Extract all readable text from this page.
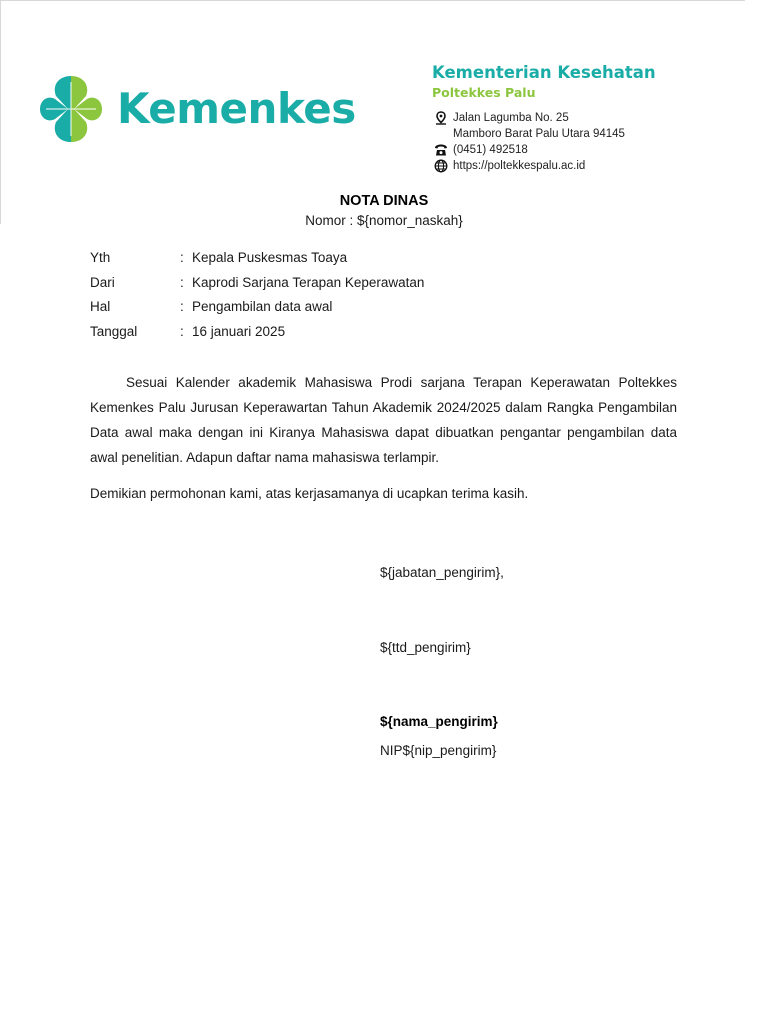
Kemenkes
Kementerian Kesehatan
Poltekkes Palu
Jalan Lagumba No. 25
Mamboro Barat Palu Utara 94145
(0451) 492518
https://poltekkespalu.ac.id
NOTA DINAS
Nomor : ${nomor_naskah}
Yth	: Kepala Puskesmas Toaya
Dari	: Kaprodi Sarjana Terapan Keperawatan
Hal	: Pengambilan data awal
Tanggal	: 16 januari 2025
Sesuai Kalender akademik Mahasiswa Prodi sarjana Terapan Keperawatan Poltekkes Kemenkes Palu Jurusan Keperawartan Tahun Akademik 2024/2025 dalam Rangka Pengambilan Data awal maka dengan ini Kiranya Mahasiswa dapat dibuatkan pengantar pengambilan data awal penelitian. Adapun daftar nama mahasiswa terlampir.
Demikian permohonan kami, atas kerjasamanya di ucapkan terima kasih.
${jabatan_pengirim},
${ttd_pengirim}
${nama_pengirim}
NIP${nip_pengirim}
